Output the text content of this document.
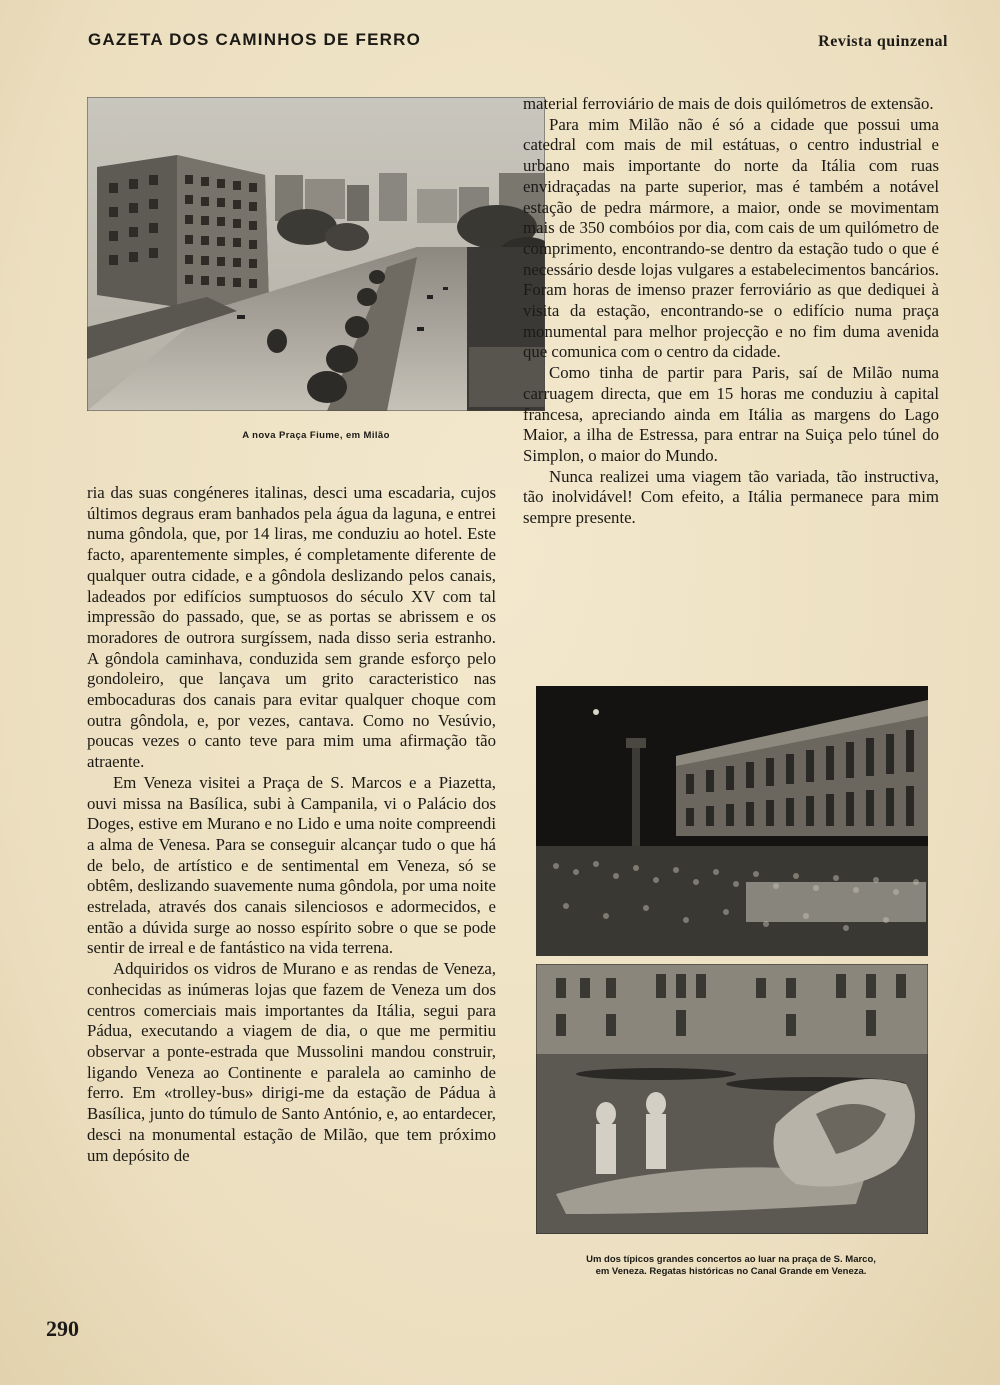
GAZETA DOS CAMINHOS DE FERRO	Revista quinzenal
A nova Praça Fiume, em Milão

ria das suas congéneres italinas, desci uma escadaria, cujos últimos degraus eram banhados pela água da laguna, e entrei numa gôndola, que, por 14 liras, me conduziu ao hotel. Este facto, aparentemente simples, é completamente diferente de qualquer outra cidade, e a gôndola deslizando pelos canais, ladeados por edifícios sumptuosos do século XV com tal impressão do passado, que, se as portas se abrissem e os moradores de outrora surgíssem, nada disso seria estranho. A gôndola caminhava, conduzida sem grande esforço pelo gondoleiro, que lançava um grito caracteristico nas embocaduras dos canais para evitar qualquer choque com outra gôndola, e, por vezes, cantava. Como no Vesúvio, poucas vezes o canto teve para mim uma afirmação tão atraente.

Em Veneza visitei a Praça de S. Marcos e a Piazetta, ouvi missa na Basílica, subi à Campanila, vi o Palácio dos Doges, estive em Murano e no Lido e uma noite compreendi a alma de Venesa. Para se conseguir alcançar tudo o que há de belo, de artístico e de sentimental em Veneza, só se obtêm, deslizando suavemente numa gôndola, por uma noite estrelada, através dos canais silenciosos e adormecidos, e então a dúvida surge ao nosso espírito sobre o que se pode sentir de irreal e de fantástico na vida terrena.

Adquiridos os vidros de Murano e as rendas de Veneza, conhecidas as inúmeras lojas que fazem de Veneza um dos centros comerciais mais importantes da Itália, segui para Pádua, executando a viagem de dia, o que me permitiu observar a ponte-estrada que Mussolini mandou construir, ligando Veneza ao Continente e paralela ao caminho de ferro. Em «trolley-bus» dirigi-me da estação de Pádua à Basílica, junto do túmulo de Santo António, e, ao entardecer, desci na monumental estação de Milão, que tem próximo um depósito de

material ferroviário de mais de dois quilómetros de extensão.

Para mim Milão não é só a cidade que possui uma catedral com mais de mil estátuas, o centro industrial e urbano mais importante do norte da Itália com ruas envidraçadas na parte superior, mas é também a notável estação de pedra mármore, a maior, onde se movimentam mais de 350 combóios por dia, com cais de um quilómetro de comprimento, encontrando-se dentro da estação tudo o que é necessário desde lojas vulgares a estabelecimentos bancários. Foram horas de imenso prazer ferroviário as que dediquei à visita da estação, encontrando-se o edifício numa praça monumental para melhor projecção e no fim duma avenida que comunica com o centro da cidade.

Como tinha de partir para Paris, saí de Milão numa carruagem directa, que em 15 horas me conduziu à capital francesa, apreciando ainda em Itália as margens do Lago Maior, a ilha de Estressa, para entrar na Suiça pelo túnel do Simplon, o maior do Mundo.

Nunca realizei uma viagem tão variada, tão instructiva, tão inolvidável! Com efeito, a Itália permanece para mim sempre presente.

Um dos típicos grandes concertos ao luar na praça de S. Marco,
em Veneza. Regatas históricas no Canal Grande em Veneza.
290
